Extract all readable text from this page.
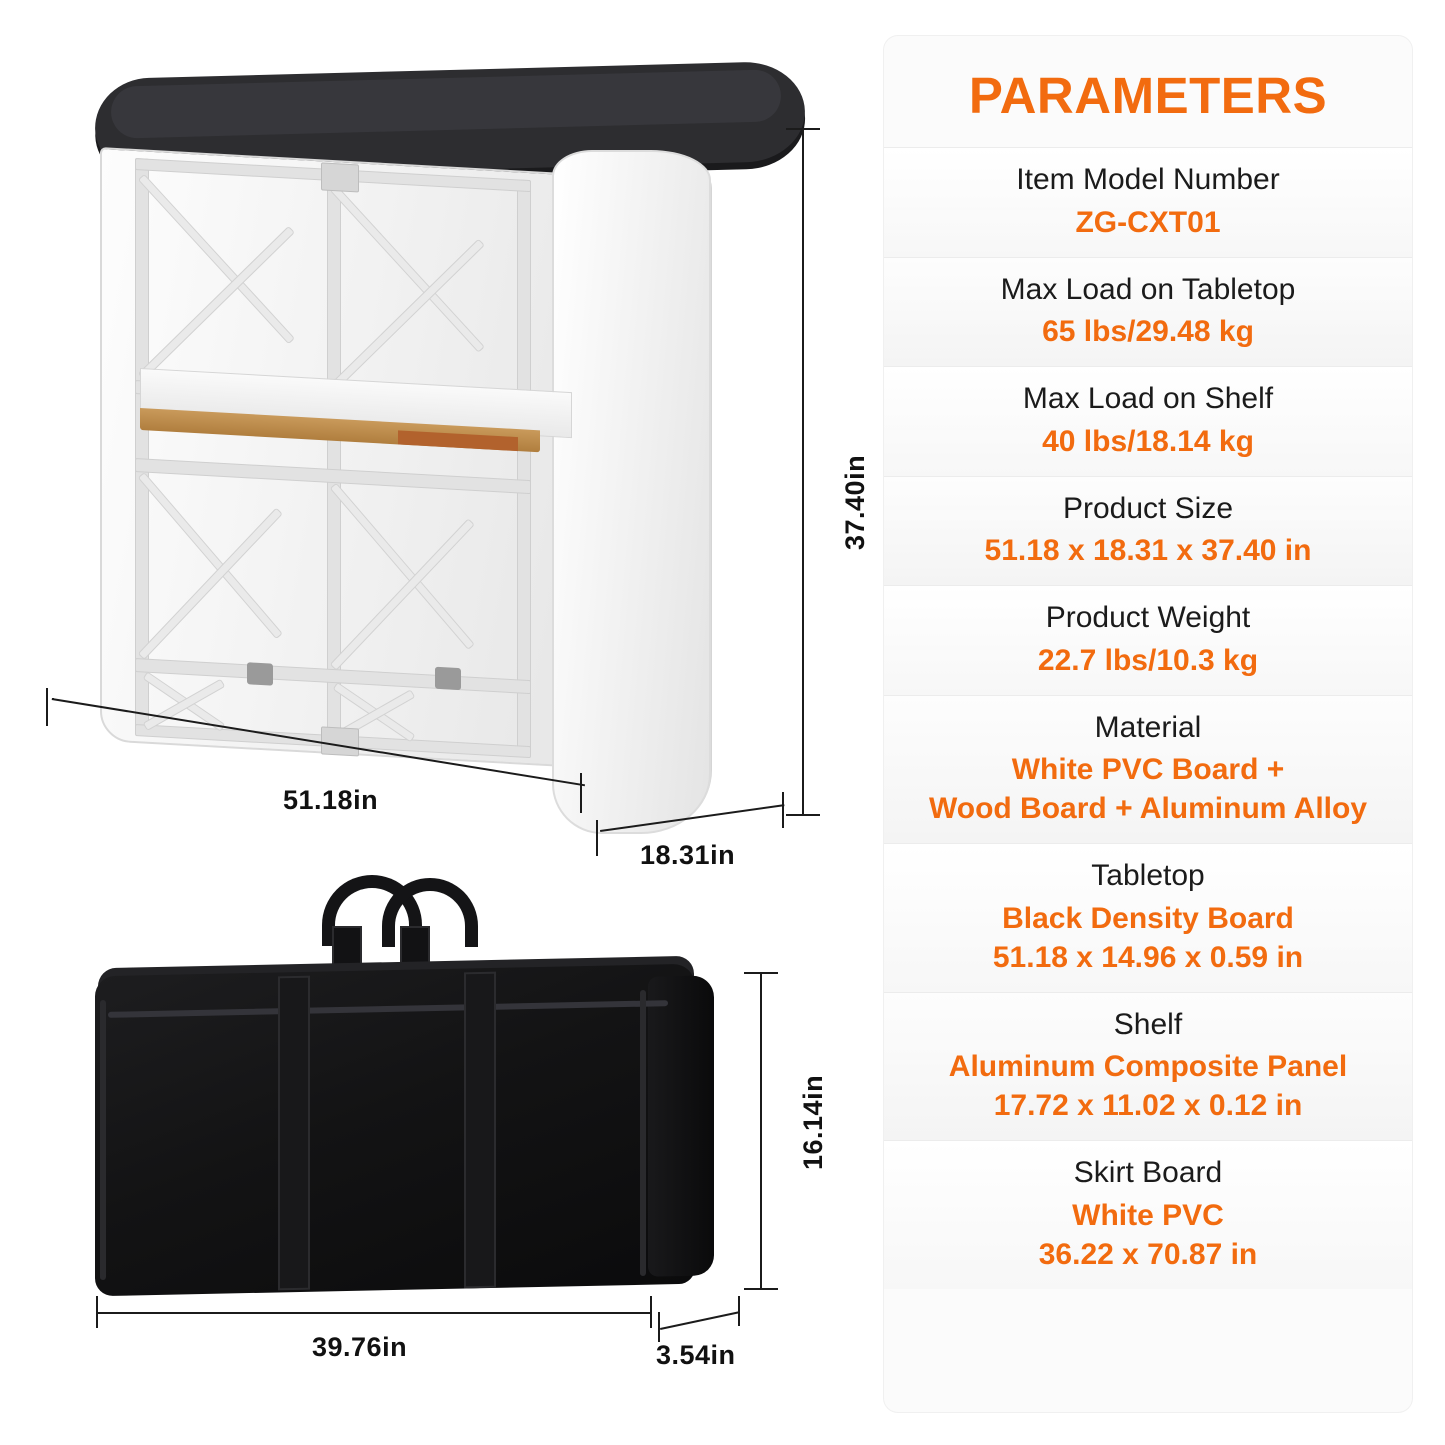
37.40in
51.18in
18.31in
16.14in
39.76in	3.54in
PARAMETERS
Item Model Number
ZG-CXT01
Max Load on Tabletop
65 lbs/29.48 kg
Max Load on Shelf
40 lbs/18.14 kg
Product Size
51.18 x 18.31 x 37.40 in
Product Weight
22.7 lbs/10.3 kg
Material
White PVC Board +
Wood Board + Aluminum Alloy
Tabletop
Black Density Board
51.18 x 14.96 x 0.59 in
Shelf
Aluminum Composite Panel
17.72 x 11.02 x 0.12 in
Skirt Board
White PVC
36.22 x 70.87 in
